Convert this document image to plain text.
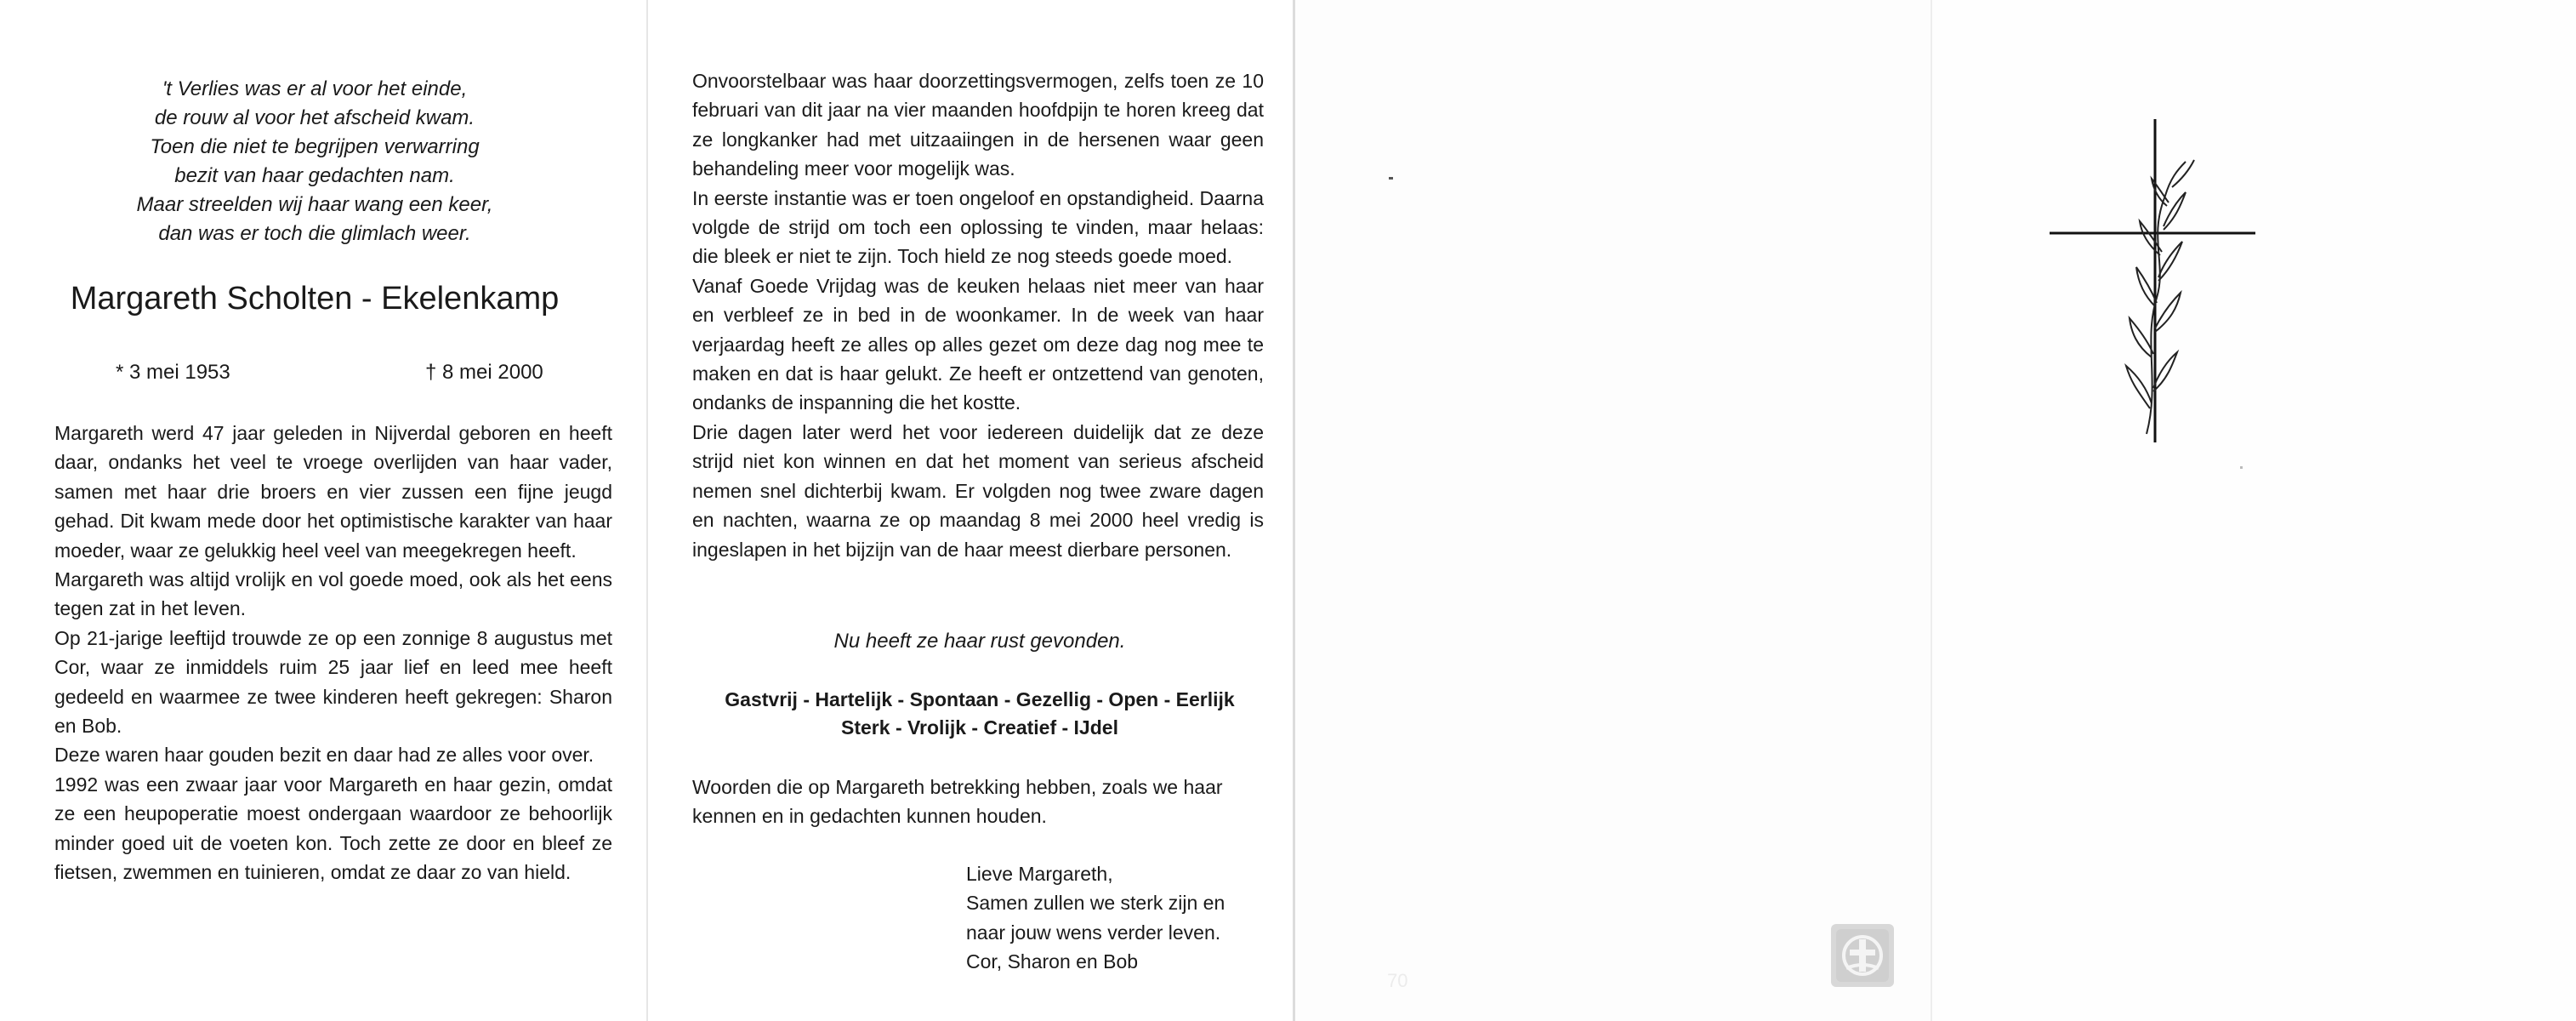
't Verlies was er al voor het einde,
de rouw al voor het afscheid kwam.
Toen die niet te begrijpen verwarring
bezit van haar gedachten nam.
Maar streelden wij haar wang een keer,
dan was er toch die glimlach weer.
Margareth Scholten - Ekelenkamp
* 3 mei 1953	† 8 mei 2000

Margareth werd 47 jaar geleden in Nijverdal geboren en heeft daar, ondanks het veel te vroege overlijden van haar vader, samen met haar drie broers en vier zussen een fijne jeugd gehad. Dit kwam mede door het optimistische karakter van haar moeder, waar ze gelukkig heel veel van meegekregen heeft.

Margareth was altijd vrolijk en vol goede moed, ook als het eens tegen zat in het leven.

Op 21-jarige leeftijd trouwde ze op een zonnige 8 augustus met Cor, waar ze inmiddels ruim 25 jaar lief en leed mee heeft gedeeld en waarmee ze twee kinderen heeft gekregen: Sharon en Bob.

Deze waren haar gouden bezit en daar had ze alles voor over.

1992 was een zwaar jaar voor Margareth en haar gezin, omdat ze een heupoperatie moest ondergaan waardoor ze behoorlijk minder goed uit de voeten kon. Toch zette ze door en bleef ze fietsen, zwemmen en tuinieren, omdat ze daar zo van hield.

Onvoorstelbaar was haar doorzettingsvermogen, zelfs toen ze 10 februari van dit jaar na vier maanden hoofdpijn te horen kreeg dat ze longkanker had met uitzaaiingen in de hersenen waar geen behandeling meer voor mogelijk was.

In eerste instantie was er toen ongeloof en opstandigheid. Daarna volgde de strijd om toch een oplossing te vinden, maar helaas: die bleek er niet te zijn. Toch hield ze nog steeds goede moed.

Vanaf Goede Vrijdag was de keuken helaas niet meer van haar en verbleef ze in bed in de woonkamer. In de week van haar verjaardag heeft ze alles op alles gezet om deze dag nog mee te maken en dat is haar gelukt. Ze heeft er ontzettend van genoten, ondanks de inspanning die het kostte.

Drie dagen later werd het voor iedereen duidelijk dat ze deze strijd niet kon winnen en dat het moment van serieus afscheid nemen snel dichterbij kwam. Er volgden nog twee zware dagen en nachten, waarna ze op maandag 8 mei 2000 heel vredig is ingeslapen in het bijzijn van de haar meest dierbare personen.

Nu heeft ze haar rust gevonden.
Gastvrij - Hartelijk - Spontaan - Gezellig - Open - Eerlijk
Sterk - Vrolijk - Creatief - IJdel
Woorden die op Margareth betrekking hebben, zoals we haar kennen en in gedachten kunnen houden.
Lieve Margareth,
Samen zullen we sterk zijn en
naar jouw wens verder leven.
Cor, Sharon en Bob
70
